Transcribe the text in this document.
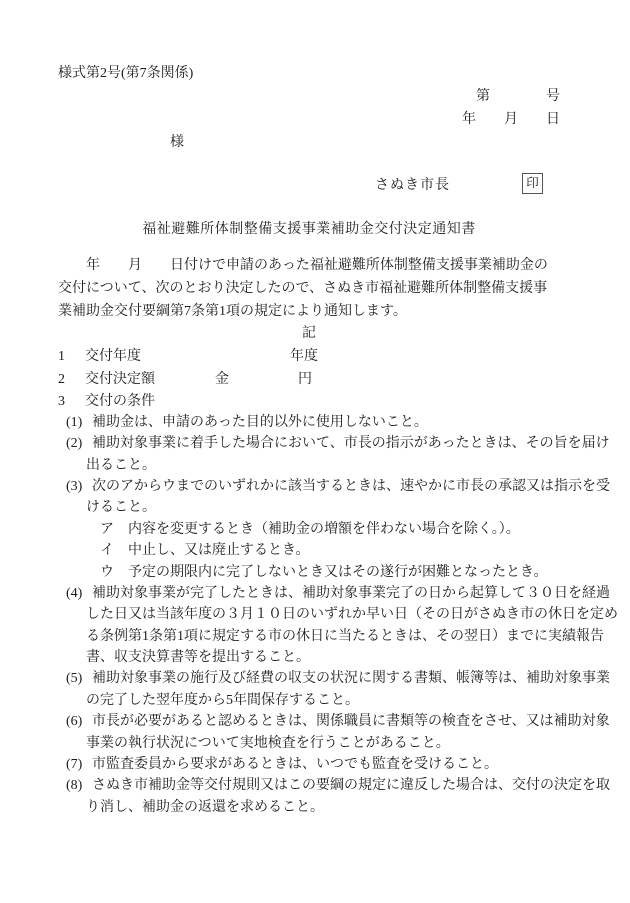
様式第2号(第7条関係)
第	号
年 月 日
様
さぬき市長	印
福祉避難所体制整備支援事業補助金交付決定通知書
　　年　　月　　日付けで申請のあった福祉避難所体制整備支援事業補助金の
交付について、次のとおり決定したので、さぬき市福祉避難所体制整備支援事
業補助金交付要綱第7条第1項の規定により通知します。
記
1 交付年度	年度
2 交付決定額	金	円
3 交付の条件
(1) 補助金は、申請のあった目的以外に使用しないこと。
(2) 補助対象事業に着手した場合において、市長の指示があったときは、その旨を届け
出ること。
(3) 次のアからウまでのいずれかに該当するときは、速やかに市長の承認又は指示を受
けること。
ア 内容を変更するとき（補助金の増額を伴わない場合を除く。）。
イ 中止し、又は廃止するとき。
ウ 予定の期限内に完了しないとき又はその遂行が困難となったとき。
(4) 補助対象事業が完了したときは、補助対象事業完了の日から起算して３０日を経過
した日又は当該年度の３月１０日のいずれか早い日（その日がさぬき市の休日を定め
る条例第1条第1項に規定する市の休日に当たるときは、その翌日）までに実績報告
書、収支決算書等を提出すること。
(5) 補助対象事業の施行及び経費の収支の状況に関する書類、帳簿等は、補助対象事業
の完了した翌年度から5年間保存すること。
(6) 市長が必要があると認めるときは、関係職員に書類等の検査をさせ、又は補助対象
事業の執行状況について実地検査を行うことがあること。
(7) 市監査委員から要求があるときは、いつでも監査を受けること。
(8) さぬき市補助金等交付規則又はこの要綱の規定に違反した場合は、交付の決定を取
り消し、補助金の返還を求めること。
